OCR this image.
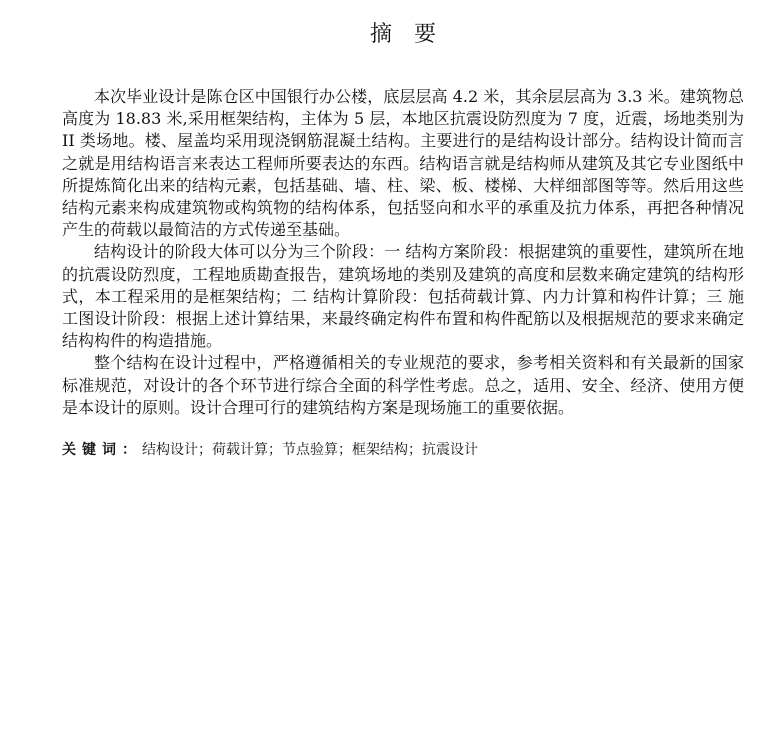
摘要

本次毕业设计是陈仓区中国银行办公楼，底层层高 4.2 米，其余层层高为 3.3 米。建筑物总高度为 18.83 米,采用框架结构，主体为 5 层，本地区抗震设防烈度为 7 度，近震，场地类别为 II 类场地。楼、屋盖均采用现浇钢筋混凝土结构。主要进行的是结构设计部分。结构设计简而言之就是用结构语言来表达工程师所要表达的东西。结构语言就是结构师从建筑及其它专业图纸中所提炼简化出来的结构元素，包括基础、墙、柱、梁、板、楼梯、大样细部图等等。然后用这些结构元素来构成建筑物或构筑物的结构体系，包括竖向和水平的承重及抗力体系，再把各种情况产生的荷载以最简洁的方式传递至基础。

结构设计的阶段大体可以分为三个阶段：一 结构方案阶段：根据建筑的重要性，建筑所在地的抗震设防烈度，工程地质勘查报告，建筑场地的类别及建筑的高度和层数来确定建筑的结构形式，本工程采用的是框架结构；二 结构计算阶段：包括荷载计算、内力计算和构件计算；三 施工图设计阶段：根据上述计算结果，来最终确定构件布置和构件配筋以及根据规范的要求来确定结构构件的构造措施。

整个结构在设计过程中，严格遵循相关的专业规范的要求，参考相关资料和有关最新的国家标准规范，对设计的各个环节进行综合全面的科学性考虑。总之，适用、安全、经济、使用方便是本设计的原则。设计合理可行的建筑结构方案是现场施工的重要依据。

关键词：结构设计；荷载计算；节点验算；框架结构；抗震设计
